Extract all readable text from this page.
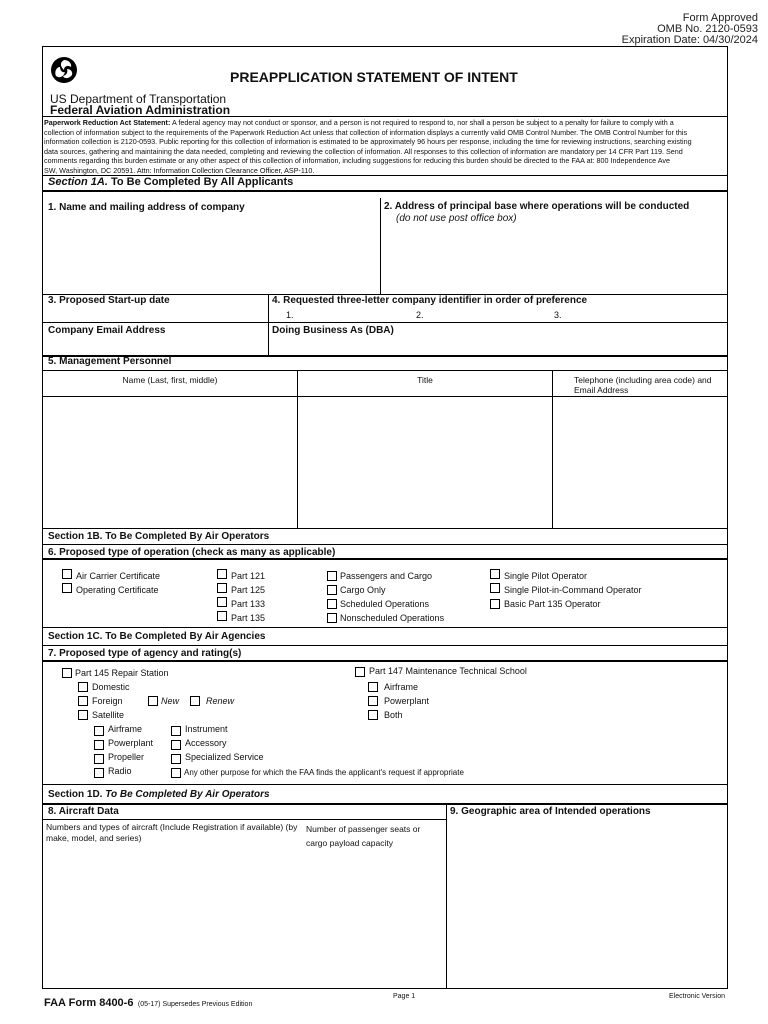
Form Approved
OMB No. 2120-0593
Expiration Date: 04/30/2024
PREAPPLICATION STATEMENT OF INTENT
US Department of Transportation
Federal Aviation Administration
Paperwork Reduction Act Statement: A federal agency may not conduct or sponsor, and a person is not required to respond to, nor shall a person be subject to a penalty for failure to comply with a
collection of information subject to the requirements of the Paperwork Reduction Act unless that collection of information displays a currently valid OMB Control Number. The OMB Control Number for this
information collection is 2120-0593. Public reporting for this collection of information is estimated to be approximately 96 hours per response, including the time for reviewing instructions, searching existing
data sources, gathering and maintaining the data needed, completing and reviewing the collection of information. All responses to this collection of information are mandatory per 14 CFR Part 119. Send
comments regarding this burden estimate or any other aspect of this collection of information, including suggestions for reducing this burden should be directed to the FAA at: 800 Independence Ave
SW, Washington, DC 20591. Attn: Information Collection Clearance Officer, ASP-110.
Section 1A. To Be Completed By All Applicants
1. Name and mailing address of company	2. Address of principal base where operations will be conducted
(do not use post office box)
3. Proposed Start-up date	4. Requested three-letter company identifier in order of preference
1.	2.	3.
Company Email Address	Doing Business As (DBA)
5. Management Personnel
Name (Last, first, middle)	Title	Telephone (including area code) and Email Address
Section 1B. To Be Completed By Air Operators
6. Proposed type of operation (check as many as applicable)
Air Carrier Certificate
Operating Certificate
Part 121
Part 125
Part 133
Part 135
Passengers and Cargo
Cargo Only
Scheduled Operations
Nonscheduled Operations
Single Pilot Operator
Single Pilot-in-Command Operator
Basic Part 135 Operator
Section 1C. To Be Completed By Air Agencies
7. Proposed type of agency and rating(s)
Part 145 Repair Station
Domestic
Foreign	New	Renew
Satellite
Airframe
Powerplant
Propeller
Radio
Instrument
Accessory
Specialized Service
Any other purpose for which the FAA finds the applicant's request if appropriate
Part 147 Maintenance Technical School
Airframe
Powerplant
Both
Section 1D. To Be Completed By Air Operators
8. Aircraft Data	9. Geographic area of Intended operations
Numbers and types of aircraft (Include Registration if available) (by make, model, and series)
Number of passenger seats or cargo payload capacity
FAA Form 8400-6 (05-17) Supersedes Previous Edition
Page 1	Electronic Version
